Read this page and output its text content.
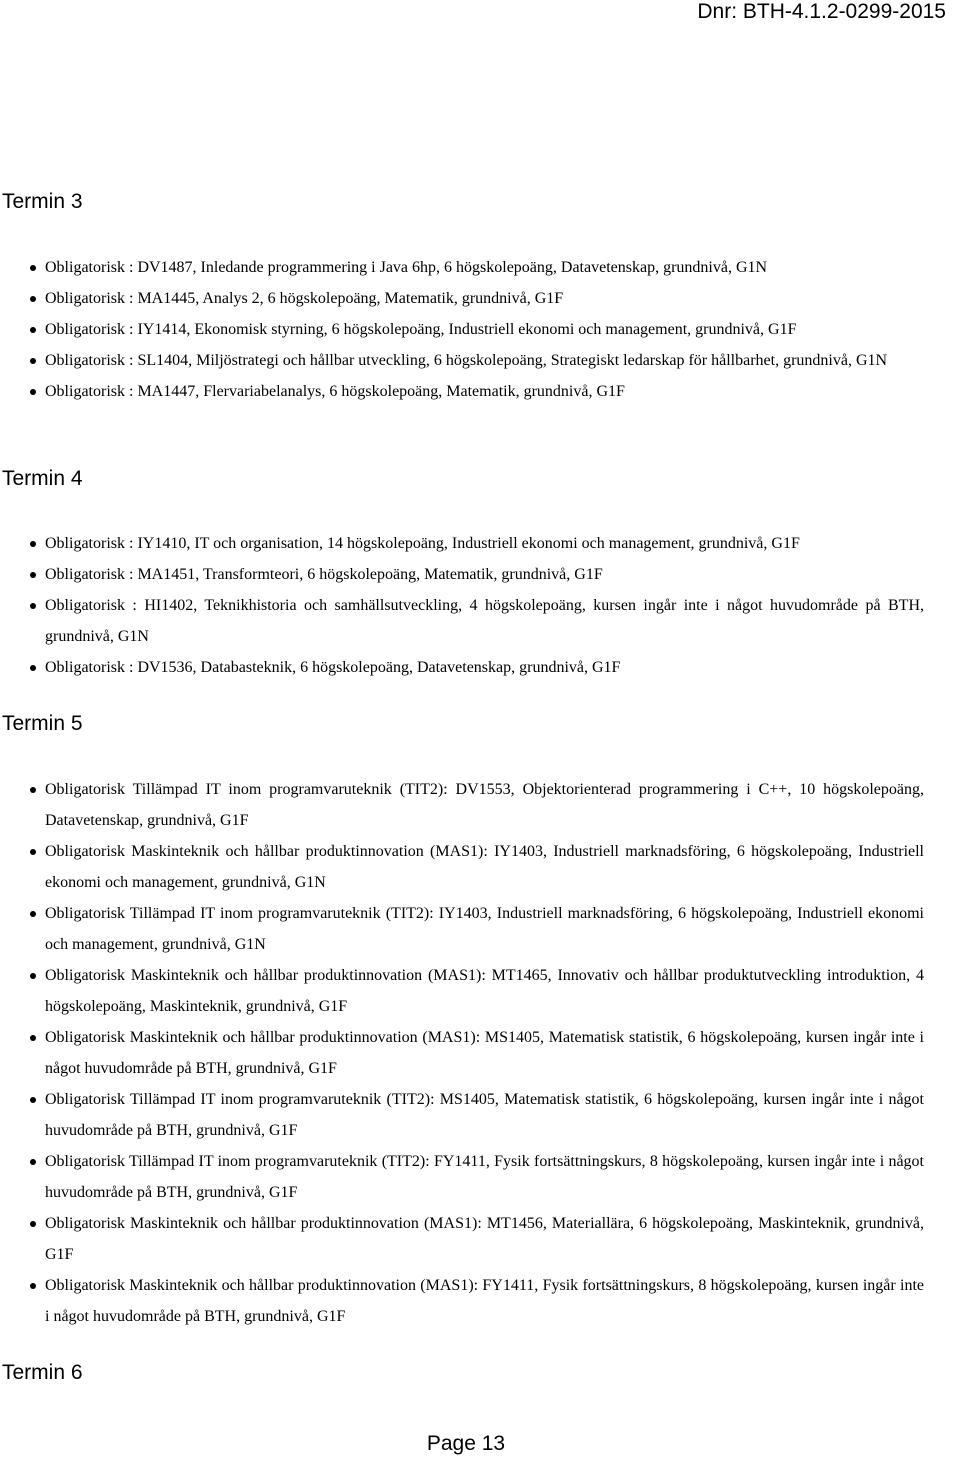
Dnr: BTH-4.1.2-0299-2015
Termin 3
Obligatorisk : DV1487, Inledande programmering i Java 6hp, 6 högskolepoäng, Datavetenskap, grundnivå, G1N
Obligatorisk : MA1445, Analys 2, 6 högskolepoäng, Matematik, grundnivå, G1F
Obligatorisk : IY1414, Ekonomisk styrning, 6 högskolepoäng, Industriell ekonomi och management, grundnivå, G1F
Obligatorisk : SL1404, Miljöstrategi och hållbar utveckling, 6 högskolepoäng, Strategiskt ledarskap för hållbarhet, grundnivå, G1N
Obligatorisk : MA1447, Flervariabelanalys, 6 högskolepoäng, Matematik, grundnivå, G1F
Termin 4
Obligatorisk : IY1410, IT och organisation, 14 högskolepoäng, Industriell ekonomi och management, grundnivå, G1F
Obligatorisk : MA1451, Transformteori, 6 högskolepoäng, Matematik, grundnivå, G1F
Obligatorisk : HI1402, Teknikhistoria och samhällsutveckling, 4 högskolepoäng, kursen ingår inte i något huvudområde på BTH, grundnivå, G1N
Obligatorisk : DV1536, Databasteknik, 6 högskolepoäng, Datavetenskap, grundnivå, G1F
Termin 5
Obligatorisk Tillämpad IT inom programvaruteknik (TIT2): DV1553, Objektorienterad programmering i C++, 10 högskolepoäng, Datavetenskap, grundnivå, G1F
Obligatorisk Maskinteknik och hållbar produktinnovation (MAS1): IY1403, Industriell marknadsföring, 6 högskolepoäng, Industriell ekonomi och management, grundnivå, G1N
Obligatorisk Tillämpad IT inom programvaruteknik (TIT2): IY1403, Industriell marknadsföring, 6 högskolepoäng, Industriell ekonomi och management, grundnivå, G1N
Obligatorisk Maskinteknik och hållbar produktinnovation (MAS1): MT1465, Innovativ och hållbar produktutveckling introduktion, 4 högskolepoäng, Maskinteknik, grundnivå, G1F
Obligatorisk Maskinteknik och hållbar produktinnovation (MAS1): MS1405, Matematisk statistik, 6 högskolepoäng, kursen ingår inte i något huvudområde på BTH, grundnivå, G1F
Obligatorisk Tillämpad IT inom programvaruteknik (TIT2): MS1405, Matematisk statistik, 6 högskolepoäng, kursen ingår inte i något huvudområde på BTH, grundnivå, G1F
Obligatorisk Tillämpad IT inom programvaruteknik (TIT2): FY1411, Fysik fortsättningskurs, 8 högskolepoäng, kursen ingår inte i något huvudområde på BTH, grundnivå, G1F
Obligatorisk Maskinteknik och hållbar produktinnovation (MAS1): MT1456, Materiallära, 6 högskolepoäng, Maskinteknik, grundnivå, G1F
Obligatorisk Maskinteknik och hållbar produktinnovation (MAS1): FY1411, Fysik fortsättningskurs, 8 högskolepoäng, kursen ingår inte i något huvudområde på BTH, grundnivå, G1F
Termin 6
Page 13
